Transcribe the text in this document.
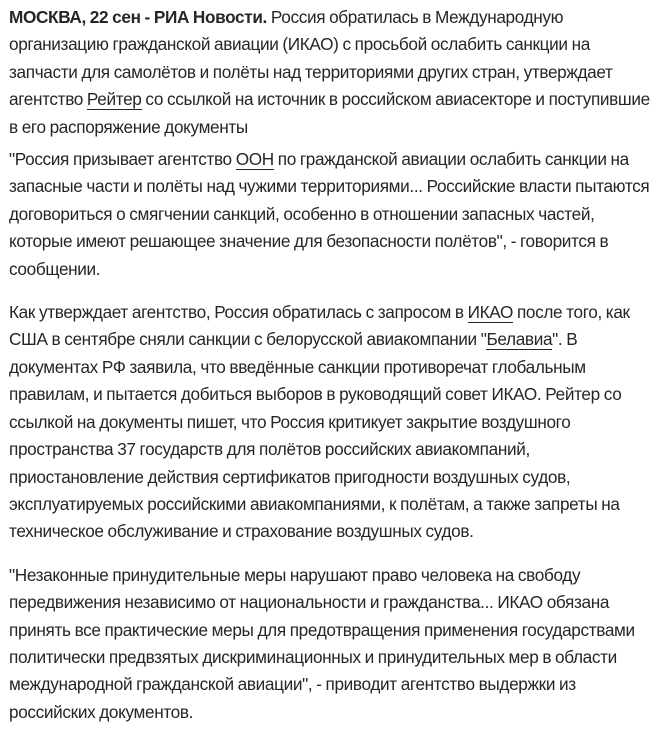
МОСКВА, 22 сен - РИА Новости. Россия обратилась в Международную организацию гражданской авиации (ИКАО) с просьбой ослабить санкции на запчасти для самолётов и полёты над территориями других стран, утверждает агентство Рейтер со ссылкой на источник в российском авиасекторе и поступившие в его распоряжение документы

"Россия призывает агентство ООН по гражданской авиации ослабить санкции на запасные части и полёты над чужими территориями... Российские власти пытаются договориться о смягчении санкций, особенно в отношении запасных частей, которые имеют решающее значение для безопасности полётов", - говорится в сообщении.

Как утверждает агентство, Россия обратилась с запросом в ИКАО после того, как США в сентябре сняли санкции с белорусской авиакомпании "Белавиа". В документах РФ заявила, что введённые санкции противоречат глобальным правилам, и пытается добиться выборов в руководящий совет ИКАО. Рейтер со ссылкой на документы пишет, что Россия критикует закрытие воздушного пространства 37 государств для полётов российских авиакомпаний, приостановление действия сертификатов пригодности воздушных судов, эксплуатируемых российскими авиакомпаниями, к полётам, а также запреты на техническое обслуживание и страхование воздушных судов.

"Незаконные принудительные меры нарушают право человека на свободу передвижения независимо от национальности и гражданства... ИКАО обязана принять все практические меры для предотвращения применения государствами политически предвзятых дискриминационных и принудительных мер в области международной гражданской авиации", - приводит агентство выдержки из российских документов.
